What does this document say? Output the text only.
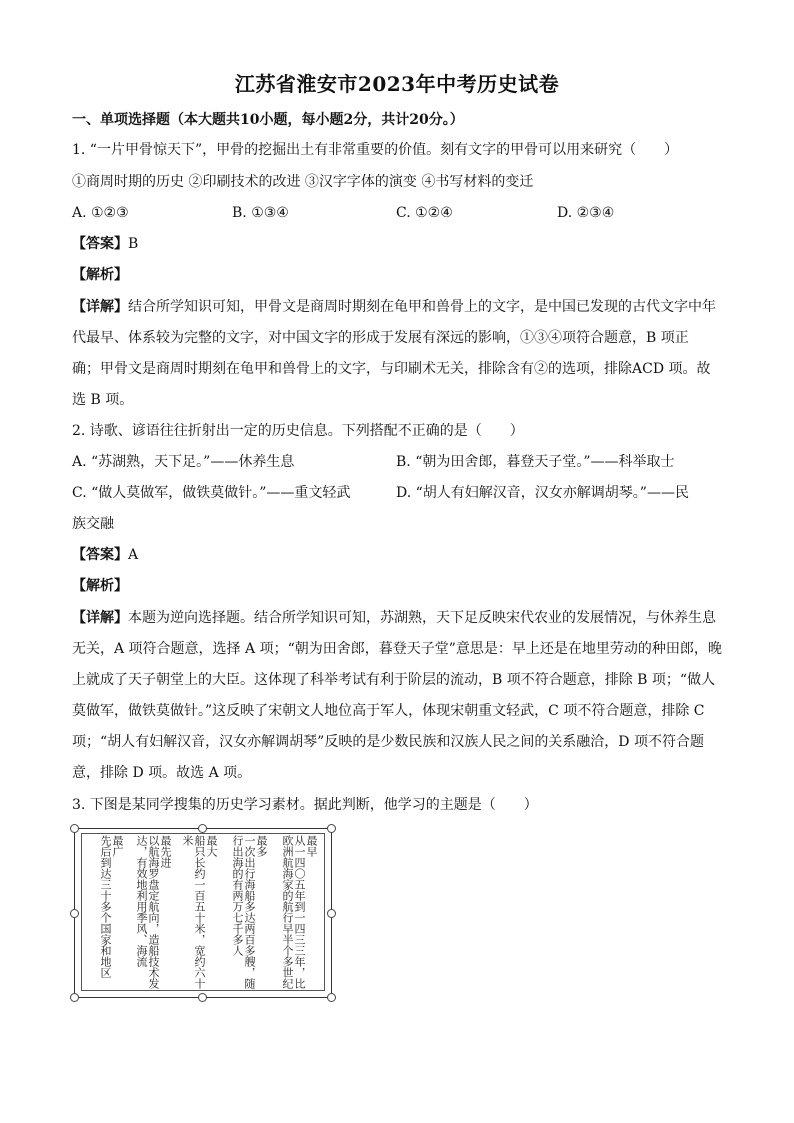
江苏省淮安市2023年中考历史试卷
一、单项选择题（本大题共10小题，每小题2分，共计20分。）
1. “一片甲骨惊天下”，甲骨的挖掘出土有非常重要的价值。刻有文字的甲骨可以用来研究（　　）
①商周时期的历史 ②印刷技术的改进 ③汉字字体的演变 ④书写材料的变迁
A. ①②③	B. ①③④	C. ①②④	D. ②③④
【答案】B
【解析】
【详解】结合所学知识可知，甲骨文是商周时期刻在龟甲和兽骨上的文字，是中国已发现的古代文字中年
代最早、体系较为完整的文字，对中国文字的形成于发展有深远的影响，①③④项符合题意，B 项正
确；甲骨文是商周时期刻在龟甲和兽骨上的文字，与印刷术无关，排除含有②的选项，排除ACD 项。故
选 B 项。
2. 诗歌、谚语往往折射出一定的历史信息。下列搭配不正确的是（　　）
A. “苏湖熟，天下足。”——休养生息	B. “朝为田舍郎，暮登天子堂。”——科举取士
C. “做人莫做军，做铁莫做针。”——重文轻武	D. “胡人有妇解汉音，汉女亦解调胡琴。”——民
族交融
【答案】A
【解析】
【详解】本题为逆向选择题。结合所学知识可知，苏湖熟，天下足反映宋代农业的发展情况，与休养生息
无关，A 项符合题意，选择 A 项；“朝为田舍郎，暮登天子堂”意思是：早上还是在地里劳动的种田郎，晚
上就成了天子朝堂上的大臣。这体现了科举考试有利于阶层的流动，B 项不符合题意，排除 B 项；“做人
莫做军，做铁莫做针。”这反映了宋朝文人地位高于军人，体现宋朝重文轻武，C 项不符合题意，排除 C
项；“胡人有妇解汉音，汉女亦解调胡琴”反映的是少数民族和汉族人民之间的关系融洽，D 项不符合题
意，排除 D 项。故选 A 项。
3. 下图是某同学搜集的历史学习素材。据此判断，他学习的主题是（　　）
最早
从一四〇五年到一四三三年，比欧洲航海家的航行早半个多世纪
最多
一次出行海船多达两百多艘，随行出海的有两万七千多人
最大
船只长约一百五十米，宽约六十米
最先进
以航海罗盘定航向，造船技术发达，有效地利用季风、海流
最广
先后到达三十多个国家和地区
